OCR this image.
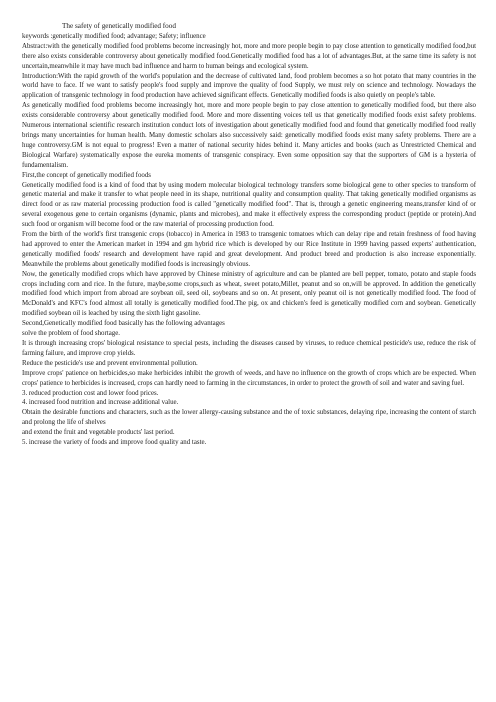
The safety of genetically modified food

keywords :genetically modified food; advantage; Safety; influence

Abstract:with the genetically modified food problems become increasingly hot, more and more people begin to pay close attention to genetically modified food,but there also exists considerable controversy about genetically modified food.Genetically modified food has a lot of advantages.But, at the same time its safety is not uncertain,meanwhile it may have much bad influence and harm to human beings and ecological system.

Introduction:With the rapid growth of the world's population and the decrease of cultivated land, food problem becomes a so hot potato that many countries in the world have to face. If we want to satisfy people's food supply and improve the quality of food Supply, we must rely on science and technology. Nowadays the application of transgenic technology in food production have achieved significant effects. Genetically modified foods is also quietly on people's table.

As genetically modified food problems become increasingly hot, more and more people begin to pay close attention to genetically modified food, but there also exists considerable controversy about genetically modified food. More and more dissenting voices tell us that genetically modified foods exist safety problems. Numerous international scientific research institution conduct lots of investigation about genetically modified food and found that genetically modified food really brings many uncertainties for human health. Many domestic scholars also successively said: genetically modified foods exist many safety problems. There are a huge controversy.GM is not equal to progress! Even a matter of national security hides behind it. Many articles and books (such as Unrestricted Chemical and Biological Warfare) systematically expose the eureka moments of transgenic conspiracy. Even some opposition say that the supporters of GM is a hysteria of fundamentalism.

First,the concept of genetically modified foods

Genetically modified food is a kind of food that by using modern molecular biological technology transfers some biological gene to other species to transform of genetic material and make it transfer to what people need in its shape, nutritional quality and consumption quality. That taking genetically modified organisms as direct food or as raw material processing production food is called "genetically modified food". That is, through a genetic engineering means,transfer kind of or several exogenous gene to certain organisms (dynamic, plants and microbes), and make it effectively express the corresponding product (peptide or protein).And such food or organism will become food or the raw material of processing production food.

From the birth of the world's first transgenic crops (tobacco) in America in 1983 to transgenic tomatoes which can delay ripe and retain freshness of food having had approved to enter the American market in 1994 and gm hybrid rice which is developed by our Rice Institute in 1999 having passed experts' authentication, genetically modified foods' research and development have rapid and great development. And product breed and production is also increase exponentially. Meanwhile the problems about genetically modified foods is increasingly obvious.

Now, the genetically modified crops which have approved by Chinese ministry of agriculture and can be planted are bell pepper, tomato, potato and staple foods crops including corn and rice. In the future, maybe,some crops,such as wheat, sweet potato,Millet, peanut and so on,will be approved. In addition the genetically modified food which import from abroad are soybean oil, seed oil, soybeans and so on. At present, only peanut oil is not genetically modified food. The food of McDonald's and KFC's food almost all totally is genetically modified food.The pig, ox and chicken's feed is genetically modified corn and soybean. Genetically modified soybean oil is leached by using the sixth light gasoline.

Second,Genetically modified food basically has the following advantages

solve the problem of food shortage.

It is through increasing crops' biological resistance to special pests, including the diseases caused by viruses, to reduce chemical pesticide's use, reduce the risk of farming failure, and improve crop yields.

Reduce the pesticide's use and prevent environmental pollution.

Improve crops' patience on herbicides,so make herbicides inhibit the growth of weeds, and have no influence on the growth of crops which are be expected. When crops' patience to herbicides is increased, crops can hardly need to farming in the circumstances, in order to protect the growth of soil and water and saving fuel.

3. reduced production cost and lower food prices.

4. increased food nutrition and increase additional value.

Obtain the desirable functions and characters, such as the lower allergy-causing substance and the of toxic substances, delaying ripe, increasing the content of starch and prolong the life of shelves

and extend the fruit and vegetable products' last period.

5. increase the variety of foods and improve food quality and taste.
